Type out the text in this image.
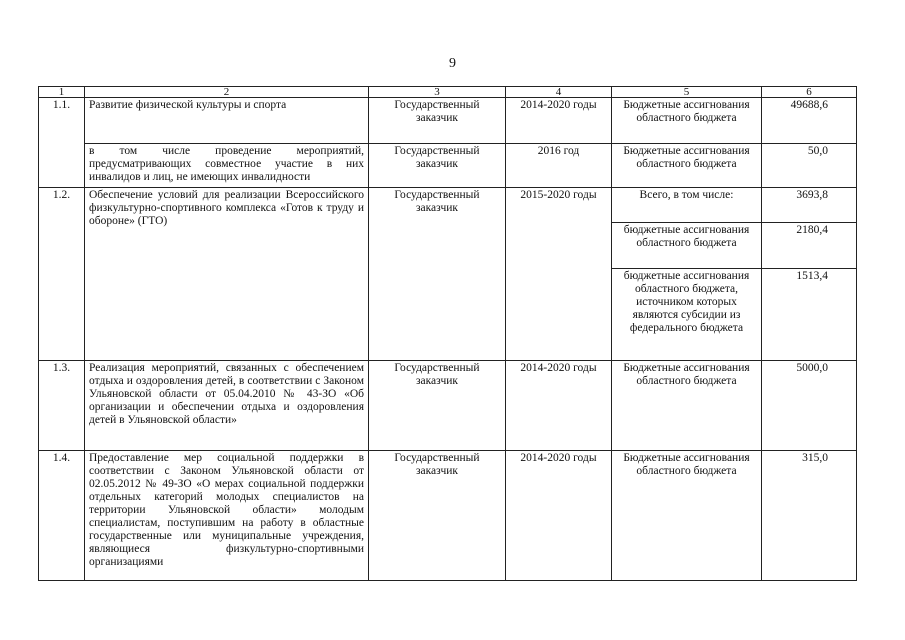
9
1	2	3	4	5	6
1.1.	Развитие физической культуры и спорта	Государственный заказчик	2014-2020 годы	Бюджетные ассигнования областного бюджета	49688,6
	в том числе проведение мероприятий, предусматривающих совместное участие в них инвалидов и лиц, не имеющих инвалидности	Государственный заказчик	2016 год	Бюджетные ассигнования областного бюджета	50,0
1.2.	Обеспечение условий для реализации Всероссийского физкультурно-спортивного комплекса «Готов к труду и обороне» (ГТО)	Государственный заказчик	2015-2020 годы	Всего, в том числе:	3693,8
				бюджетные ассигнования областного бюджета	2180,4
				бюджетные ассигнования областного бюджета, источником которых являются субсидии из федерального бюджета	1513,4
1.3.	Реализация мероприятий, связанных с обеспечением отдыха и оздоровления детей, в соответствии с Законом Ульяновской области от 05.04.2010 № 43-ЗО «Об организации и обеспечении отдыха и оздоровления детей в Ульяновской области»	Государственный заказчик	2014-2020 годы	Бюджетные ассигнования областного бюджета	5000,0
1.4.	Предоставление мер социальной поддержки в соответствии с Законом Ульяновской области от 02.05.2012 № 49-ЗО «О мерах социальной поддержки отдельных категорий молодых специалистов на территории Ульяновской области» молодым специалистам, поступившим на работу в областные государственные или муниципальные учреждения, являющиеся физкультурно-спортивными организациями	Государственный заказчик	2014-2020 годы	Бюджетные ассигнования областного бюджета	315,0
